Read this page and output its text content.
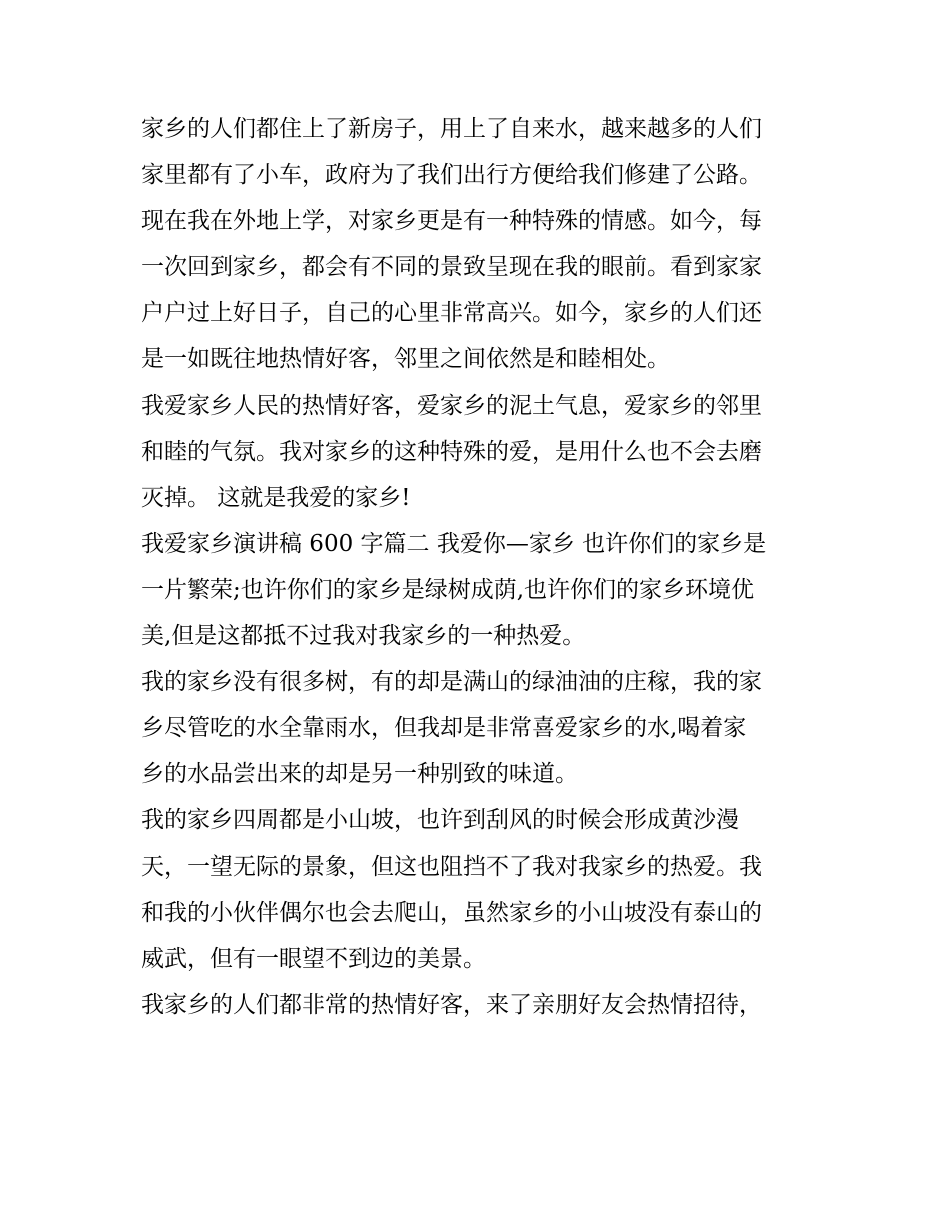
家乡的人们都住上了新房子，用上了自来水，越来越多的人们
家里都有了小车，政府为了我们出行方便给我们修建了公路。
现在我在外地上学，对家乡更是有一种特殊的情感。如今，每
一次回到家乡，都会有不同的景致呈现在我的眼前。看到家家
户户过上好日子，自己的心里非常高兴。如今，家乡的人们还
是一如既往地热情好客，邻里之间依然是和睦相处。
我爱家乡人民的热情好客，爱家乡的泥土气息，爱家乡的邻里
和睦的气氛。我对家乡的这种特殊的爱，是用什么也不会去磨
灭掉。 这就是我爱的家乡!
我爱家乡演讲稿 600 字篇二 我爱你—家乡 也许你们的家乡是
一片繁荣;也许你们的家乡是绿树成荫,也许你们的家乡环境优
美,但是这都抵不过我对我家乡的一种热爱。
我的家乡没有很多树，有的却是满山的绿油油的庄稼，我的家
乡尽管吃的水全靠雨水，但我却是非常喜爱家乡的水,喝着家
乡的水品尝出来的却是另一种别致的味道。
我的家乡四周都是小山坡，也许到刮风的时候会形成黄沙漫
天，一望无际的景象，但这也阻挡不了我对我家乡的热爱。我
和我的小伙伴偶尔也会去爬山，虽然家乡的小山坡没有泰山的
威武，但有一眼望不到边的美景。
我家乡的人们都非常的热情好客，来了亲朋好友会热情招待，
